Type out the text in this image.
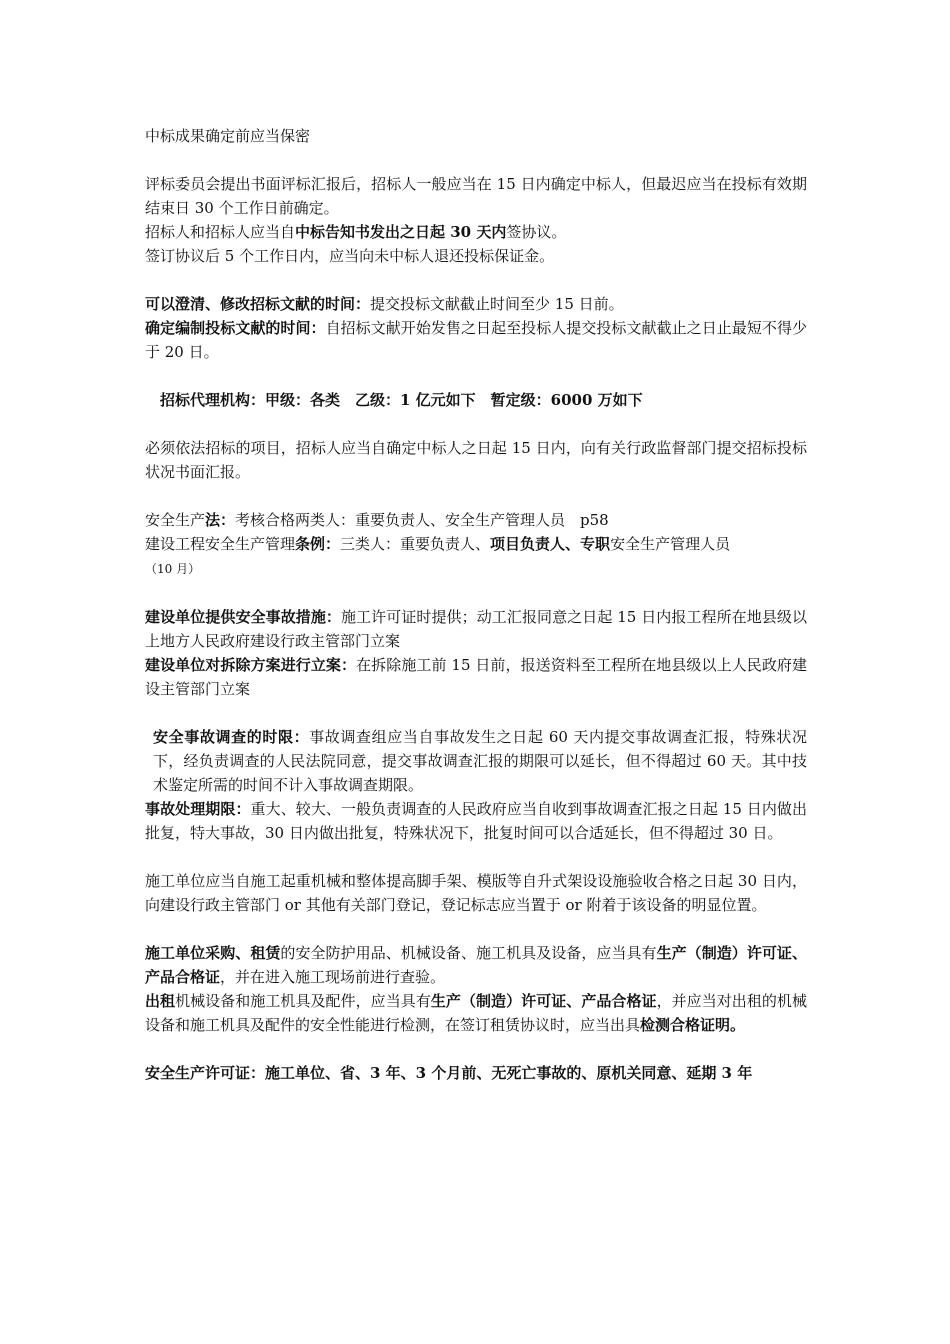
中标成果确定前应当保密

评标委员会提出书面评标汇报后，招标人一般应当在 15 日内确定中标人，但最迟应当在投标有效期结束日 30 个工作日前确定。

招标人和招标人应当自中标告知书发出之日起 30 天内签协议。

签订协议后 5 个工作日内，应当向未中标人退还投标保证金。

可以澄清、修改招标文献的时间：提交投标文献截止时间至少 15 日前。

确定编制投标文献的时间：自招标文献开始发售之日起至投标人提交投标文献截止之日止最短不得少于 20 日。

招标代理机构：甲级：各类　乙级：1 亿元如下　暂定级：6000 万如下

必须依法招标的项目，招标人应当自确定中标人之日起 15 日内，向有关行政监督部门提交招标投标状况书面汇报。

安全生产法：考核合格两类人：重要负责人、安全生产管理人员　p58

建设工程安全生产管理条例：三类人：重要负责人、项目负责人、专职安全生产管理人员
（10 月）

建设单位提供安全事故措施：施工许可证时提供；动工汇报同意之日起 15 日内报工程所在地县级以上地方人民政府建设行政主管部门立案

建设单位对拆除方案进行立案：在拆除施工前 15 日前，报送资料至工程所在地县级以上人民政府建设主管部门立案

安全事故调查的时限：事故调查组应当自事故发生之日起 60 天内提交事故调查汇报，特殊状况下，经负责调查的人民法院同意，提交事故调查汇报的期限可以延长，但不得超过 60 天。其中技术鉴定所需的时间不计入事故调查期限。

事故处理期限：重大、较大、一般负责调查的人民政府应当自收到事故调查汇报之日起 15 日内做出批复，特大事故，30 日内做出批复，特殊状况下，批复时间可以合适延长，但不得超过 30 日。

施工单位应当自施工起重机械和整体提高脚手架、模版等自升式架设设施验收合格之日起 30 日内，向建设行政主管部门 or 其他有关部门登记，登记标志应当置于 or 附着于该设备的明显位置。

施工单位采购、租赁的安全防护用品、机械设备、施工机具及设备，应当具有生产（制造）许可证、产品合格证，并在进入施工现场前进行查验。

出租机械设备和施工机具及配件，应当具有生产（制造）许可证、产品合格证，并应当对出租的机械设备和施工机具及配件的安全性能进行检测，在签订租赁协议时，应当出具检测合格证明。

安全生产许可证：施工单位、省、3 年、3 个月前、无死亡事故的、原机关同意、延期 3 年
